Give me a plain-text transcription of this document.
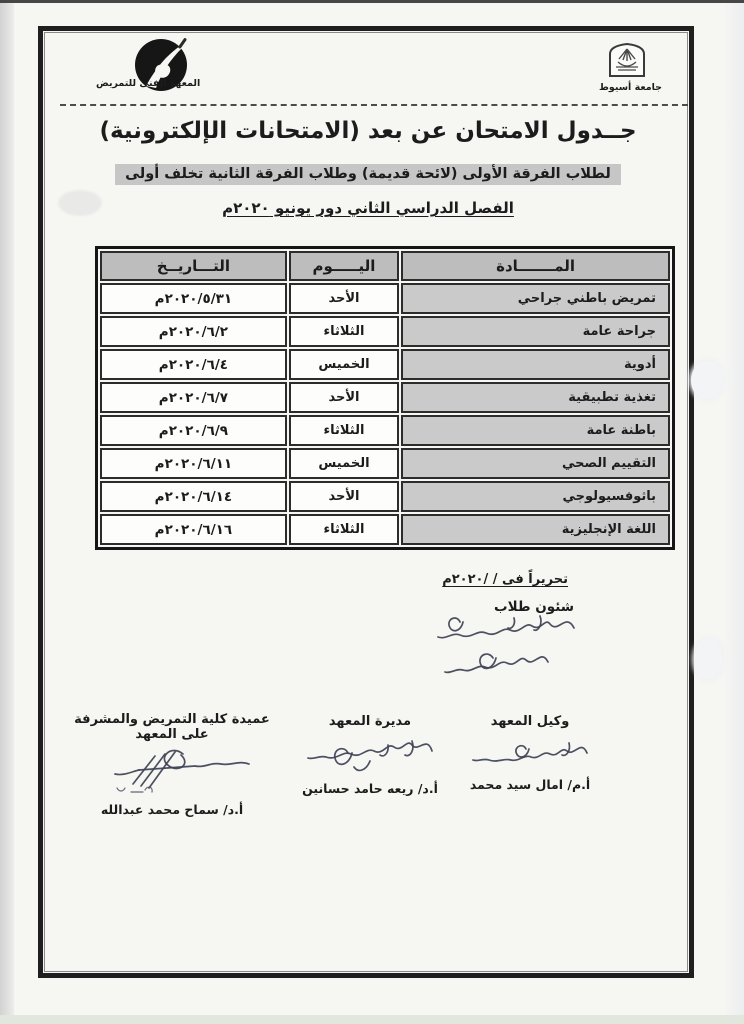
المعهد الفنى للتمريض	جامعة أسيوط
جــدول الامتحان عن بعد (الامتحانات الإلكترونية)
لطلاب الفرقة الأولى (لائحة قديمة) وطلاب الفرقة الثانية تخلف أولى
الفصل الدراسي الثاني دور يونيو ٢٠٢٠م
المـــــــادة	اليـــــوم	التـــاريــخ
تمريض باطني جراحي	الأحد	٢٠٢٠/٥/٣١م
جراحة عامة	الثلاثاء	٢٠٢٠/٦/٢م
أدوية	الخميس	٢٠٢٠/٦/٤م
تغذية تطبيقية	الأحد	٢٠٢٠/٦/٧م
باطنة عامة	الثلاثاء	٢٠٢٠/٦/٩م
التقييم الصحي	الخميس	٢٠٢٠/٦/١١م
باثوفسيولوجي	الأحد	٢٠٢٠/٦/١٤م
اللغة الإنجليزية	الثلاثاء	٢٠٢٠/٦/١٦م
تحريراً فى / /٢٠٢٠م
شئون طلاب
وكيل المعهد
أ.م/ امال سيد محمد
مديرة المعهد
أ.د/ ريعه حامد حسانين
عميدة كلية التمريض والمشرفة على المعهد
أ.د/ سماح محمد عبدالله
